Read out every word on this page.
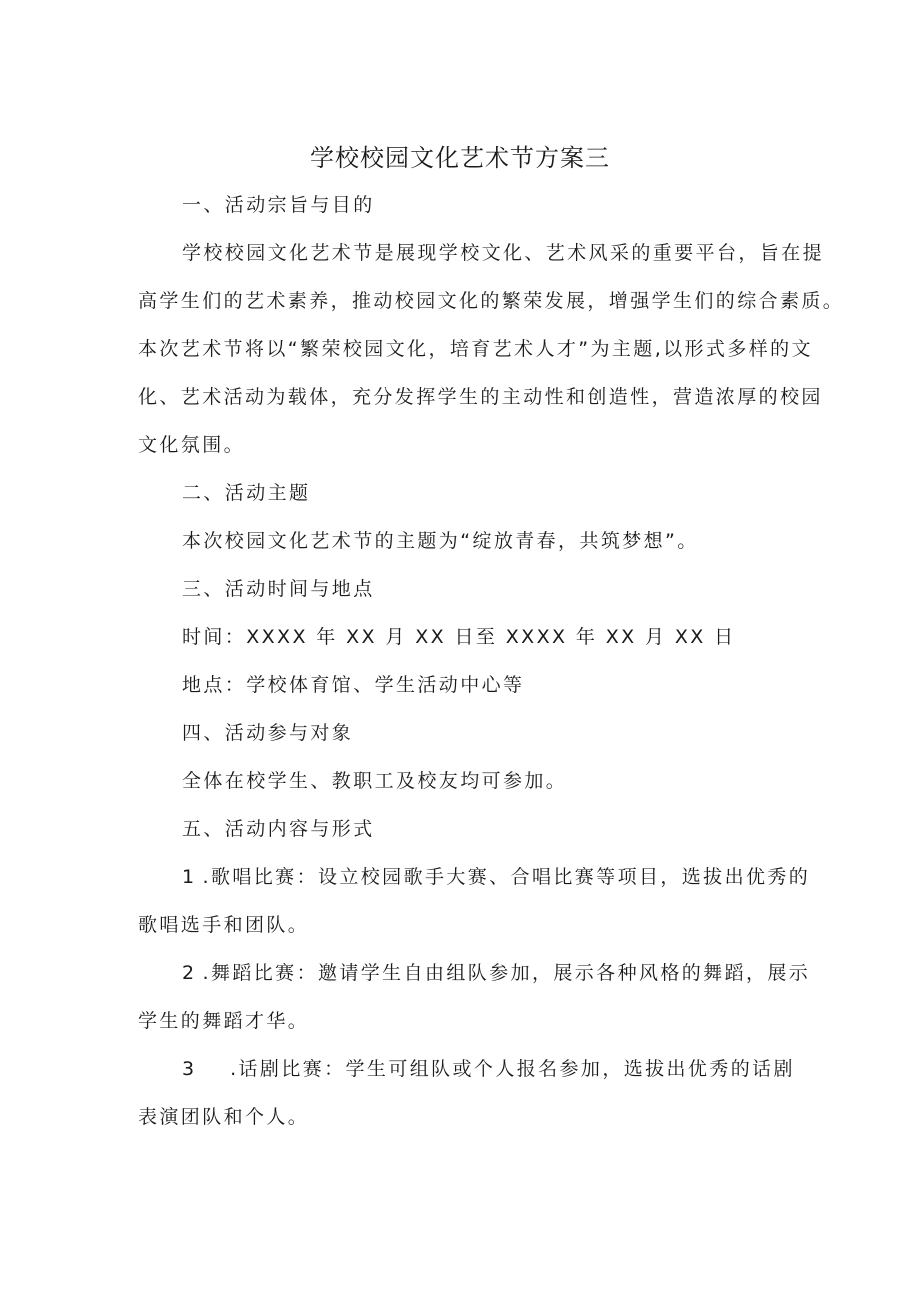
学校校园文化艺术节方案三
一、活动宗旨与目的
学校校园文化艺术节是展现学校文化、艺术风采的重要平台，旨在提
高学生们的艺术素养，推动校园文化的繁荣发展，增强学生们的综合素质。
本次艺术节将以“繁荣校园文化，培育艺术人才”为主题,以形式多样的文
化、艺术活动为载体，充分发挥学生的主动性和创造性，营造浓厚的校园
文化氛围。
二、活动主题
本次校园文化艺术节的主题为“绽放青春，共筑梦想”。
三、活动时间与地点
时间：XXXX 年 XX 月 XX 日至 XXXX 年 XX 月 XX 日
地点：学校体育馆、学生活动中心等
四、活动参与对象
全体在校学生、教职工及校友均可参加。
五、活动内容与形式
1 .歌唱比赛：设立校园歌手大赛、合唱比赛等项目，选拔出优秀的
歌唱选手和团队。
2 .舞蹈比赛：邀请学生自由组队参加，展示各种风格的舞蹈，展示
学生的舞蹈才华。
3 .话剧比赛：学生可组队或个人报名参加，选拔出优秀的话剧
表演团队和个人。
